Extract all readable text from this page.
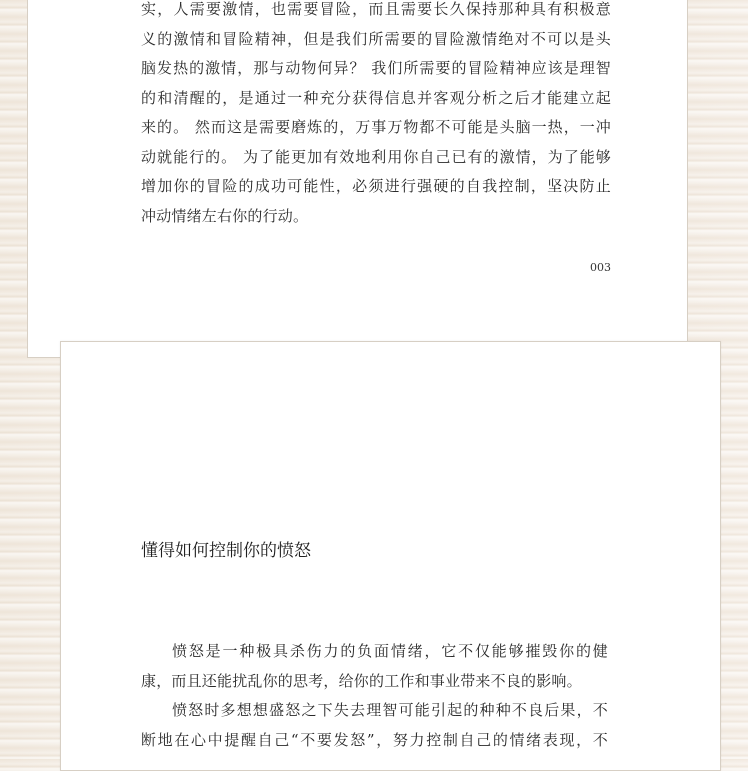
实，人需要激情，也需要冒险，而且需要长久保持那种具有积极意
义的激情和冒险精神，但是我们所需要的冒险激情绝对不可以是头
脑发热的激情，那与动物何异？ 我们所需要的冒险精神应该是理智
的和清醒的，是通过一种充分获得信息并客观分析之后才能建立起
来的。 然而这是需要磨炼的，万事万物都不可能是头脑一热，一冲
动就能行的。 为了能更加有效地利用你自己已有的激情，为了能够
增加你的冒险的成功可能性，必须进行强硬的自我控制，坚决防止
冲动情绪左右你的行动。
003
懂得如何控制你的愤怒
愤怒是一种极具杀伤力的负面情绪，它不仅能够摧毁你的健
康，而且还能扰乱你的思考，给你的工作和事业带来不良的影响。
愤怒时多想想盛怒之下失去理智可能引起的种种不良后果，不
断地在心中提醒自己“不要发怒”，努力控制自己的情绪表现，不
